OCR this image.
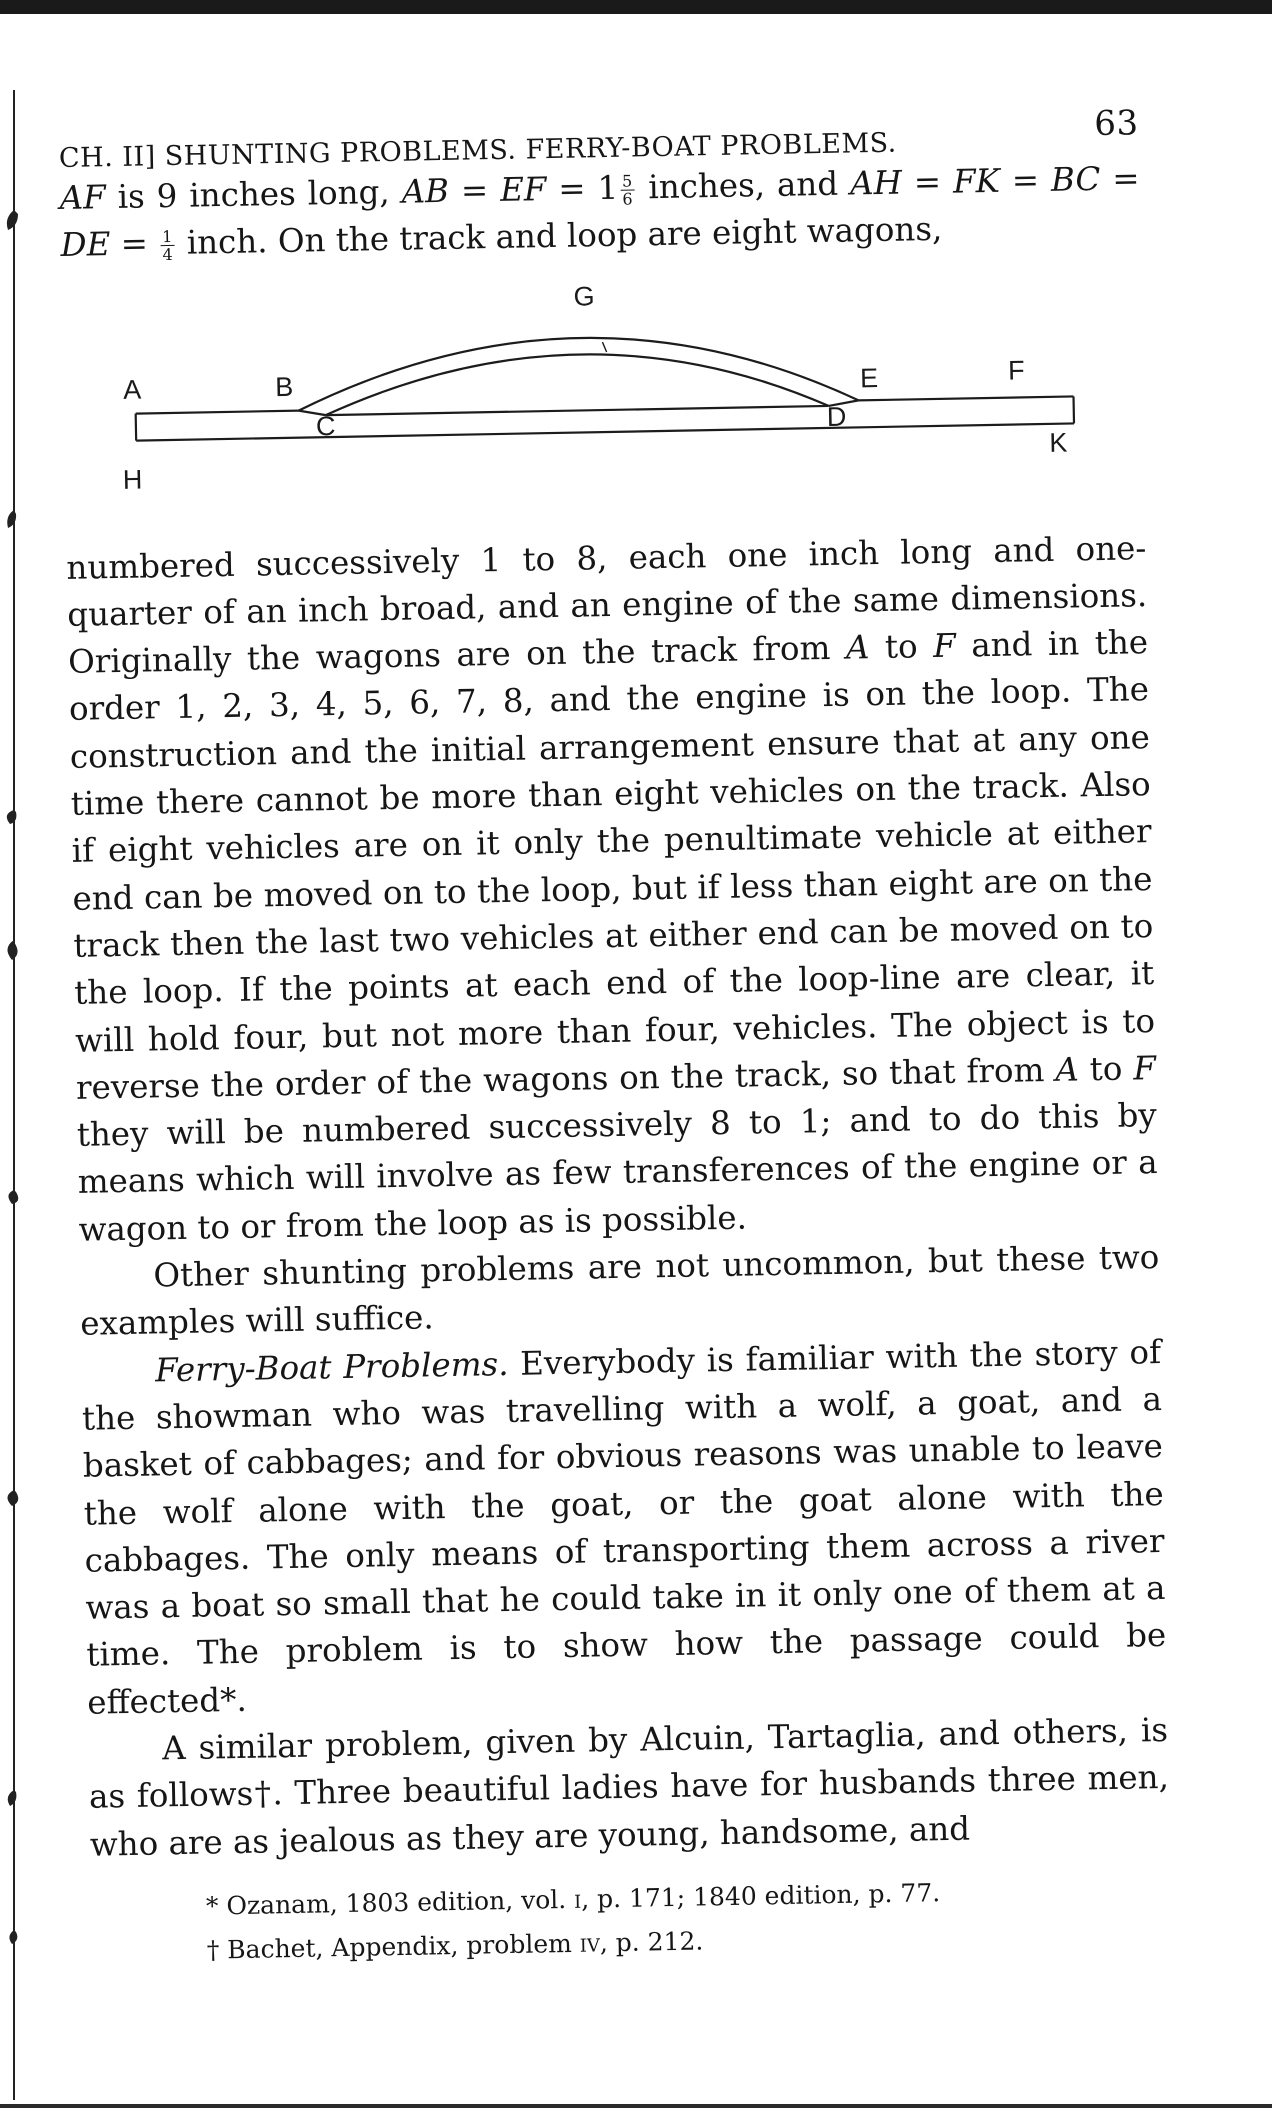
CH. II] SHUNTING PROBLEMS. FERRY-BOAT PROBLEMS.
63

AF is 9 inches long, AB = EF = $1 \frac{5}{6}$ inches, and AH = FK = BC = DE = $\frac{1}{4}$ inch. On the track and loop are eight wagons,

A	B
C	D
E	F
G
H
K

numbered successively 1 to 8, each one inch long and one-quarter of an inch broad, and an engine of the same dimensions. Originally the wagons are on the track from A to F and in the order 1, 2, 3, 4, 5, 6, 7, 8, and the engine is on the loop. The construction and the initial arrangement ensure that at any one time there cannot be more than eight vehicles on the track. Also if eight vehicles are on it only the penultimate vehicle at either end can be moved on to the loop, but if less than eight are on the track then the last two vehicles at either end can be moved on to the loop. If the points at each end of the loop-line are clear, it will hold four, but not more than four, vehicles. The object is to reverse the order of the wagons on the track, so that from A to F they will be numbered successively 8 to 1; and to do this by means which will involve as few transferences of the engine or a wagon to or from the loop as is possible.

Other shunting problems are not uncommon, but these two examples will suffice.

Ferry-Boat Problems. Everybody is familiar with the story of the showman who was travelling with a wolf, a goat, and a basket of cabbages; and for obvious reasons was unable to leave the wolf alone with the goat, or the goat alone with the cabbages. The only means of transporting them across a river was a boat so small that he could take in it only one of them at a time. The problem is to show how the passage could be effected*.

A similar problem, given by Alcuin, Tartaglia, and others, is as follows†. Three beautiful ladies have for husbands three men, who are as jealous as they are young, handsome, and

* Ozanam, 1803 edition, vol. i, p. 171; 1840 edition, p. 77.

† Bachet, Appendix, problem iv, p. 212.
